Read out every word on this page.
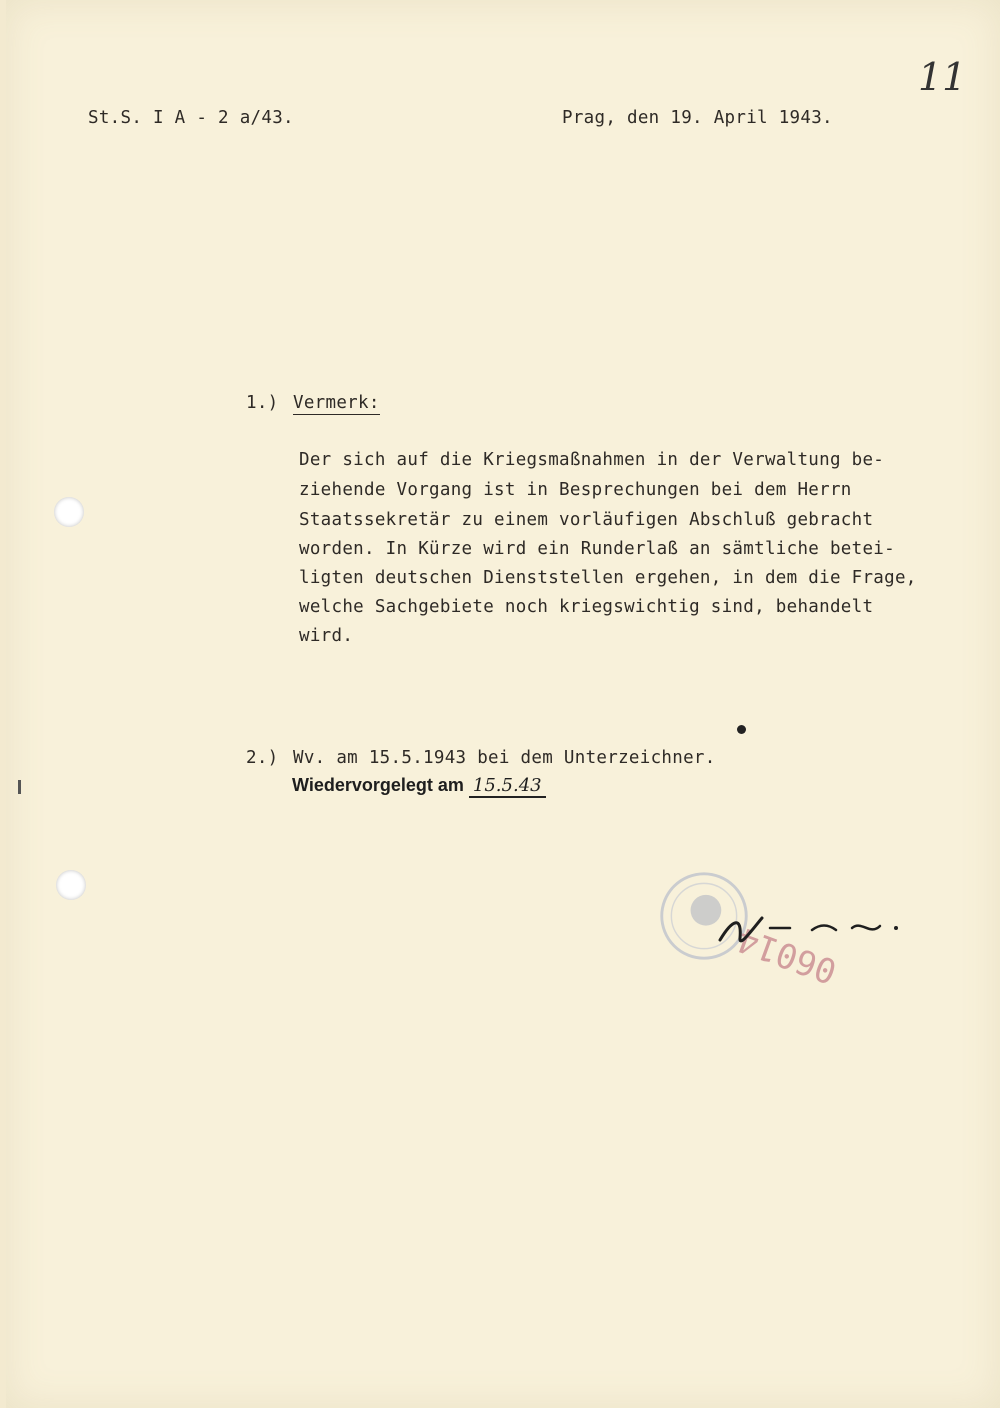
11
St.S. I A - 2 a/43.	Prag, den 19. April 1943.
1.) Vermerk:
Der sich auf die Kriegsmaßnahmen in der Verwaltung be-
ziehende Vorgang ist in Besprechungen bei dem Herrn
Staatssekretär zu einem vorläufigen Abschluß gebracht
worden. In Kürze wird ein Runderlaß an sämtliche betei-
ligten deutschen Dienststellen ergehen, in dem die Frage,
welche Sachgebiete noch kriegswichtig sind, behandelt
wird.
2.) Wv. am 15.5.1943 bei dem Unterzeichner.
Wiedervorgelegt am 15.5.43
06014
